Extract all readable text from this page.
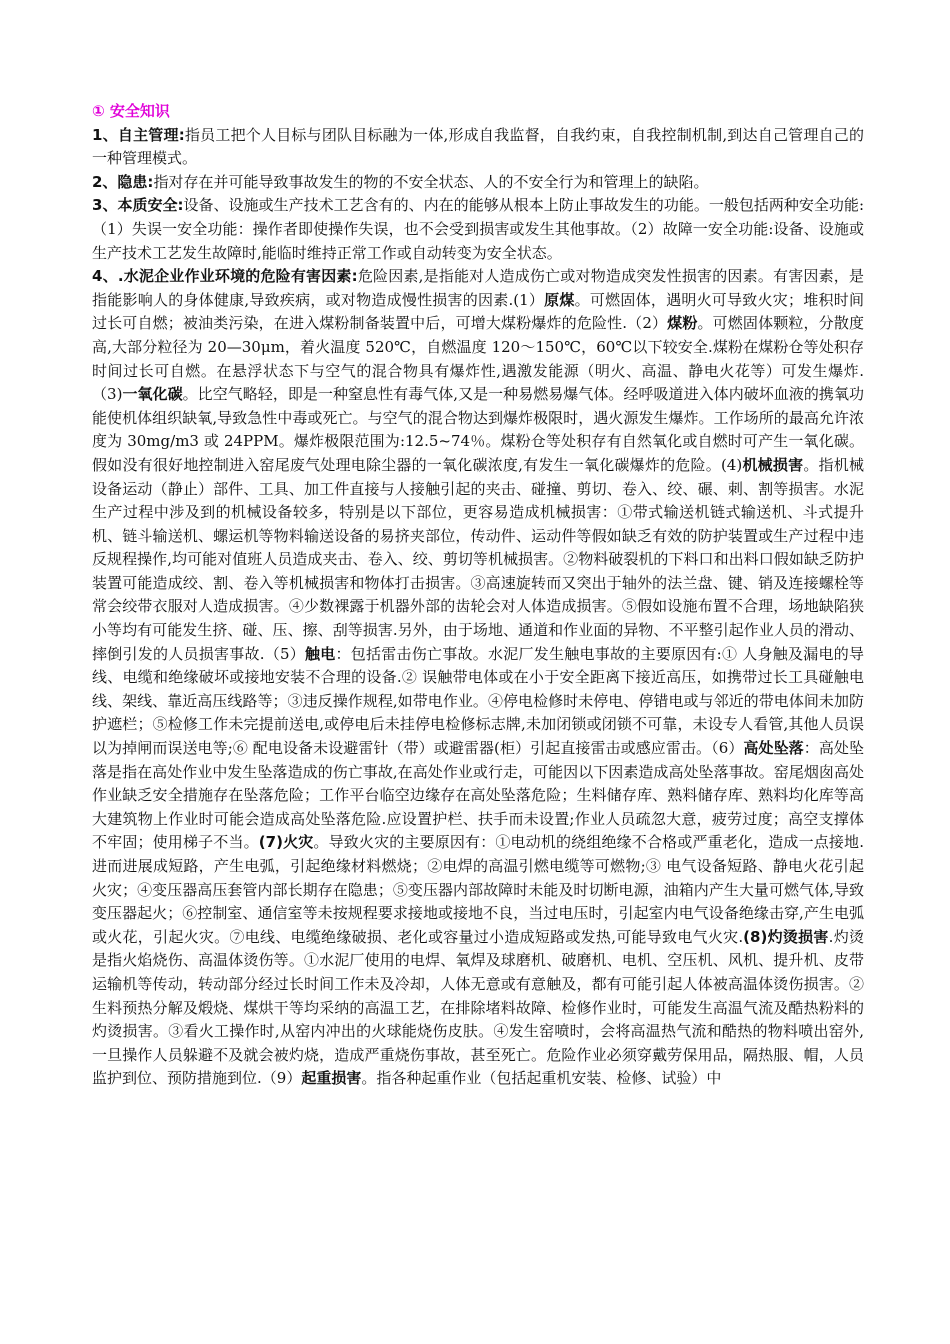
① 安全知识

1、自主管理:指员工把个人目标与团队目标融为一体,形成自我监督，自我约束，自我控制机制,到达自己管理自己的一种管理模式。

2、隐患:指对存在并可能导致事故发生的物的不安全状态、人的不安全行为和管理上的缺陷。

3、本质安全:设备、设施或生产技术工艺含有的、内在的能够从根本上防止事故发生的功能。一般包括两种安全功能:（1）失误一安全功能：操作者即使操作失误，也不会受到损害或发生其他事故。（2）故障一安全功能:设备、设施或生产技术工艺发生故障时,能临时维持正常工作或自动转变为安全状态。

4、.水泥企业作业环境的危险有害因素:危险因素,是指能对人造成伤亡或对物造成突发性损害的因素。有害因素，是指能影响人的身体健康,导致疾病，或对物造成慢性损害的因素.(1）原煤。可燃固体，遇明火可导致火灾；堆积时间过长可自燃；被油类污染，在进入煤粉制备装置中后，可增大煤粉爆炸的危险性.（2）煤粉。可燃固体颗粒，分散度高,大部分粒径为 20—30μm，着火温度 520℃，自燃温度 120～150℃，60℃以下较安全.煤粉在煤粉仓等处积存时间过长可自燃。在悬浮状态下与空气的混合物具有爆炸性,遇激发能源（明火、高温、静电火花等）可发生爆炸.（3)一氧化碳。比空气略轻，即是一种窒息性有毒气体,又是一种易燃易爆气体。经呼吸道进入体内破坏血液的携氧功能使机体组织缺氧,导致急性中毒或死亡。与空气的混合物达到爆炸极限时，遇火源发生爆炸。工作场所的最高允许浓度为 30mg/m3 或 24PPM。爆炸极限范围为:12.5~74％。煤粉仓等处积存有自然氧化或自燃时可产生一氧化碳。假如没有很好地控制进入窑尾废气处理电除尘器的一氧化碳浓度,有发生一氧化碳爆炸的危险。(4)机械损害。指机械设备运动（静止）部件、工具、加工件直接与人接触引起的夹击、碰撞、剪切、卷入、绞、碾、刺、割等损害。水泥生产过程中涉及到的机械设备较多，特别是以下部位，更容易造成机械损害：①带式输送机链式输送机、斗式提升机、链斗输送机、螺运机等物料输送设备的易挤夹部位，传动件、运动件等假如缺乏有效的防护装置或生产过程中违反规程操作,均可能对值班人员造成夹击、卷入、绞、剪切等机械损害。②物料破裂机的下料口和出料口假如缺乏防护装置可能造成绞、割、卷入等机械损害和物体打击损害。③高速旋转而又突出于轴外的法兰盘、键、销及连接螺栓等常会绞带衣服对人造成损害。④少数裸露于机器外部的齿轮会对人体造成损害。⑤假如设施布置不合理，场地缺陷狭小等均有可能发生挤、碰、压、擦、刮等损害.另外，由于场地、通道和作业面的异物、不平整引起作业人员的滑动、摔倒引发的人员损害事故.（5）触电：包括雷击伤亡事故。水泥厂发生触电事故的主要原因有:① 人身触及漏电的导线、电缆和绝缘破坏或接地安装不合理的设备.② 误触带电体或在小于安全距离下接近高压，如携带过长工具碰触电线、架线、靠近高压线路等；③违反操作规程,如带电作业。④停电检修时未停电、停错电或与邻近的带电体间未加防护遮栏；⑤检修工作未完提前送电,或停电后未挂停电检修标志牌,未加闭锁或闭锁不可靠，未设专人看管,其他人员误以为掉闸而误送电等;⑥ 配电设备未设避雷针（带）或避雷器(柜）引起直接雷击或感应雷击。（6）高处坠落：高处坠落是指在高处作业中发生坠落造成的伤亡事故,在高处作业或行走，可能因以下因素造成高处坠落事故。窑尾烟囱高处作业缺乏安全措施存在坠落危险；工作平台临空边缘存在高处坠落危险；生料储存库、熟料储存库、熟料均化库等高大建筑物上作业时可能会造成高处坠落危险.应设置护栏、扶手而未设置;作业人员疏忽大意，疲劳过度；高空支撑体不牢固；使用梯子不当。(7)火灾。导致火灾的主要原因有：①电动机的绕组绝缘不合格或严重老化，造成一点接地.进而进展成短路，产生电弧，引起绝缘材料燃烧；②电焊的高温引燃电缆等可燃物;③ 电气设备短路、静电火花引起火灾；④变压器高压套管内部长期存在隐患；⑤变压器内部故障时未能及时切断电源，油箱内产生大量可燃气体,导致变压器起火；⑥控制室、通信室等未按规程要求接地或接地不良，当过电压时，引起室内电气设备绝缘击穿,产生电弧或火花，引起火灾。⑦电线、电缆绝缘破损、老化或容量过小造成短路或发热,可能导致电气火灾.(8)灼烫损害.灼烫是指火焰烧伤、高温体烫伤等。①水泥厂使用的电焊、氧焊及球磨机、破磨机、电机、空压机、风机、提升机、皮带运输机等传动，转动部分经过长时间工作未及冷却，人体无意或有意触及，都有可能引起人体被高温体烫伤损害。②生料预热分解及煅烧、煤烘干等均采纳的高温工艺，在排除堵料故障、检修作业时，可能发生高温气流及酷热粉料的灼烫损害。③看火工操作时,从窑内冲出的火球能烧伤皮肤。④发生窑喷时，会将高温热气流和酷热的物料喷出窑外,一旦操作人员躲避不及就会被灼烧，造成严重烧伤事故，甚至死亡。危险作业必须穿戴劳保用品，隔热服、帽，人员监护到位、预防措施到位.（9）起重损害。指各种起重作业（包括起重机安装、检修、试验）中
